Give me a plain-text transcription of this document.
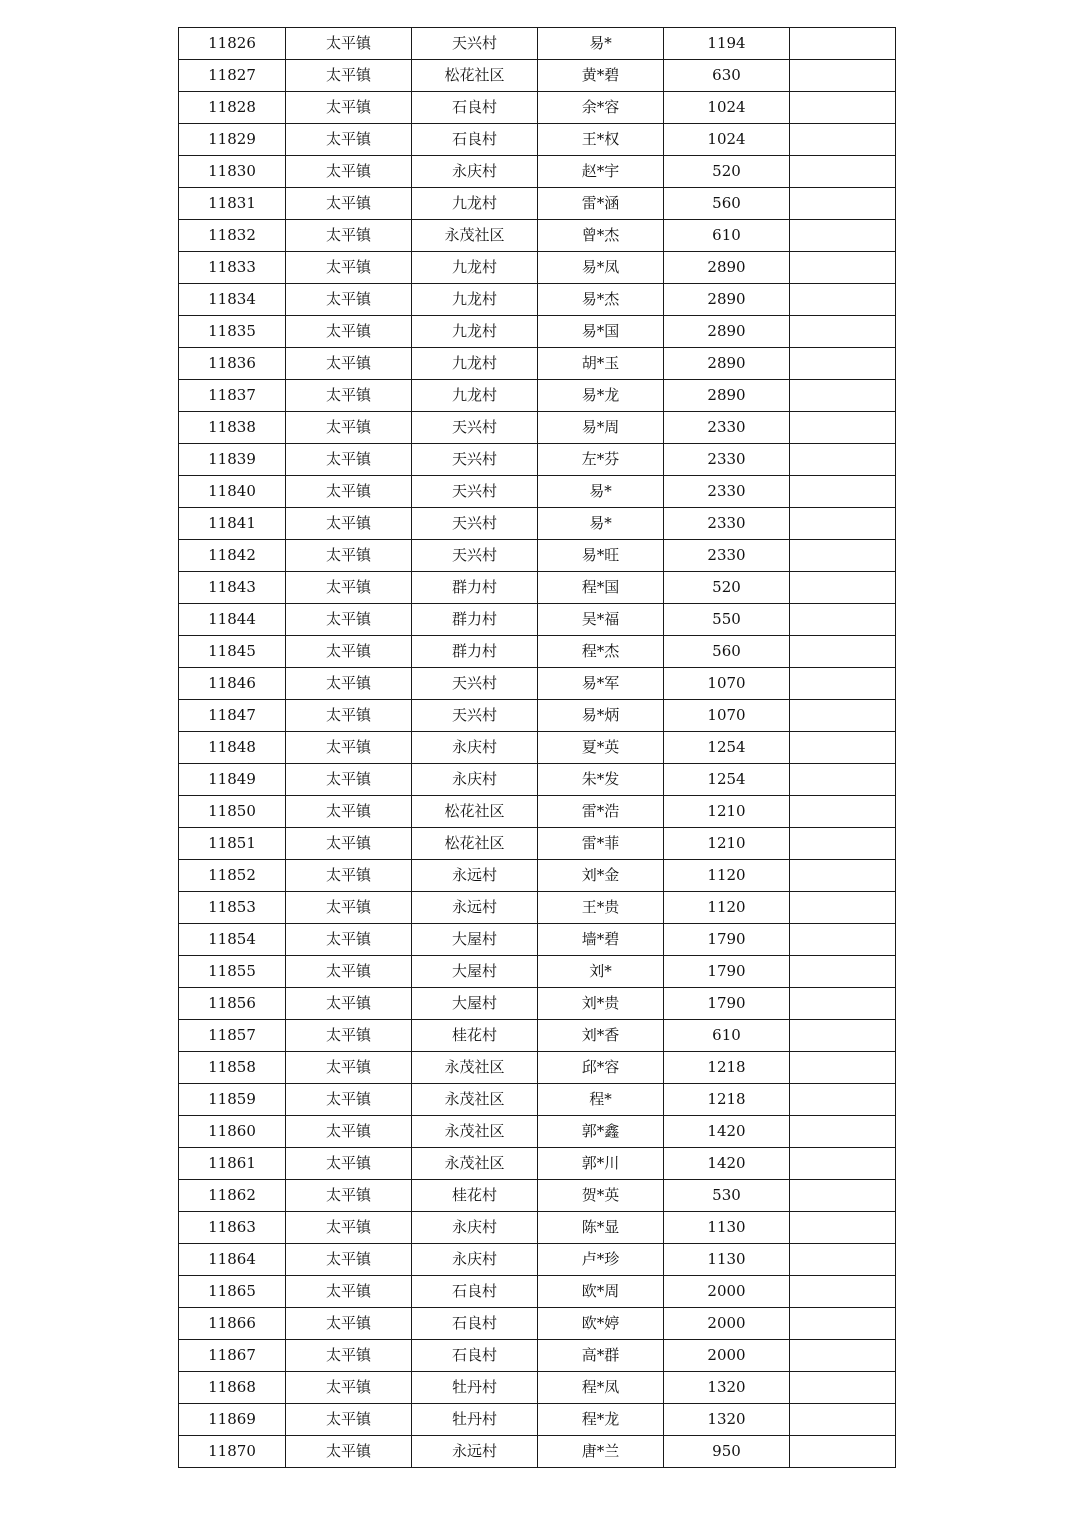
11826	太平镇	天兴村	易*	1194	
11827	太平镇	松花社区	黄*碧	630	
11828	太平镇	石良村	余*容	1024	
11829	太平镇	石良村	王*权	1024	
11830	太平镇	永庆村	赵*宇	520	
11831	太平镇	九龙村	雷*涵	560	
11832	太平镇	永茂社区	曾*杰	610	
11833	太平镇	九龙村	易*凤	2890	
11834	太平镇	九龙村	易*杰	2890	
11835	太平镇	九龙村	易*国	2890	
11836	太平镇	九龙村	胡*玉	2890	
11837	太平镇	九龙村	易*龙	2890	
11838	太平镇	天兴村	易*周	2330	
11839	太平镇	天兴村	左*芬	2330	
11840	太平镇	天兴村	易*	2330	
11841	太平镇	天兴村	易*	2330	
11842	太平镇	天兴村	易*旺	2330	
11843	太平镇	群力村	程*国	520	
11844	太平镇	群力村	吴*福	550	
11845	太平镇	群力村	程*杰	560	
11846	太平镇	天兴村	易*军	1070	
11847	太平镇	天兴村	易*炳	1070	
11848	太平镇	永庆村	夏*英	1254	
11849	太平镇	永庆村	朱*发	1254	
11850	太平镇	松花社区	雷*浩	1210	
11851	太平镇	松花社区	雷*菲	1210	
11852	太平镇	永远村	刘*金	1120	
11853	太平镇	永远村	王*贵	1120	
11854	太平镇	大屋村	墙*碧	1790	
11855	太平镇	大屋村	刘*	1790	
11856	太平镇	大屋村	刘*贵	1790	
11857	太平镇	桂花村	刘*香	610	
11858	太平镇	永茂社区	邱*容	1218	
11859	太平镇	永茂社区	程*	1218	
11860	太平镇	永茂社区	郭*鑫	1420	
11861	太平镇	永茂社区	郭*川	1420	
11862	太平镇	桂花村	贺*英	530	
11863	太平镇	永庆村	陈*显	1130	
11864	太平镇	永庆村	卢*珍	1130	
11865	太平镇	石良村	欧*周	2000	
11866	太平镇	石良村	欧*婷	2000	
11867	太平镇	石良村	高*群	2000	
11868	太平镇	牡丹村	程*凤	1320	
11869	太平镇	牡丹村	程*龙	1320	
11870	太平镇	永远村	唐*兰	950	
